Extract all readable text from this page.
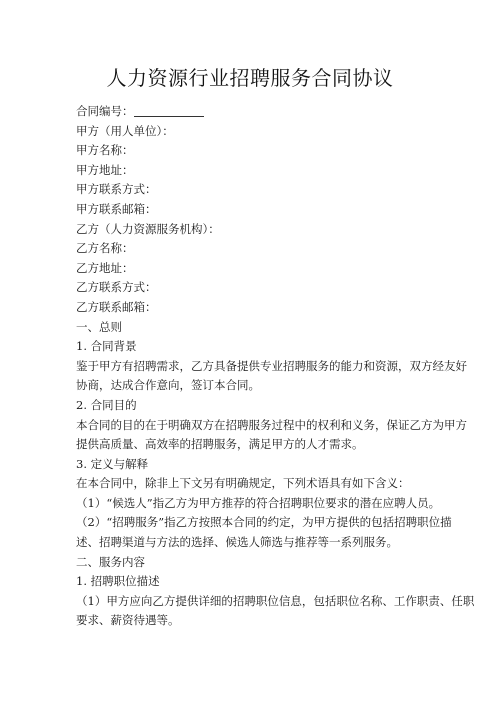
人力资源行业招聘服务合同协议
合同编号：
甲方（用人单位）：
甲方名称：
甲方地址：
甲方联系方式：
甲方联系邮箱：
乙方（人力资源服务机构）：
乙方名称：
乙方地址：
乙方联系方式：
乙方联系邮箱：
一、总则
1. 合同背景
鉴于甲方有招聘需求，乙方具备提供专业招聘服务的能力和资源，双方经友好
协商，达成合作意向，签订本合同。
2. 合同目的
本合同的目的在于明确双方在招聘服务过程中的权利和义务，保证乙方为甲方
提供高质量、高效率的招聘服务，满足甲方的人才需求。
3. 定义与解释
在本合同中，除非上下文另有明确规定，下列术语具有如下含义：
（1）“候选人”指乙方为甲方推荐的符合招聘职位要求的潜在应聘人员。
（2）“招聘服务”指乙方按照本合同的约定，为甲方提供的包括招聘职位描
述、招聘渠道与方法的选择、候选人筛选与推荐等一系列服务。
二、服务内容
1. 招聘职位描述
（1）甲方应向乙方提供详细的招聘职位信息，包括职位名称、工作职责、任职
要求、薪资待遇等。
